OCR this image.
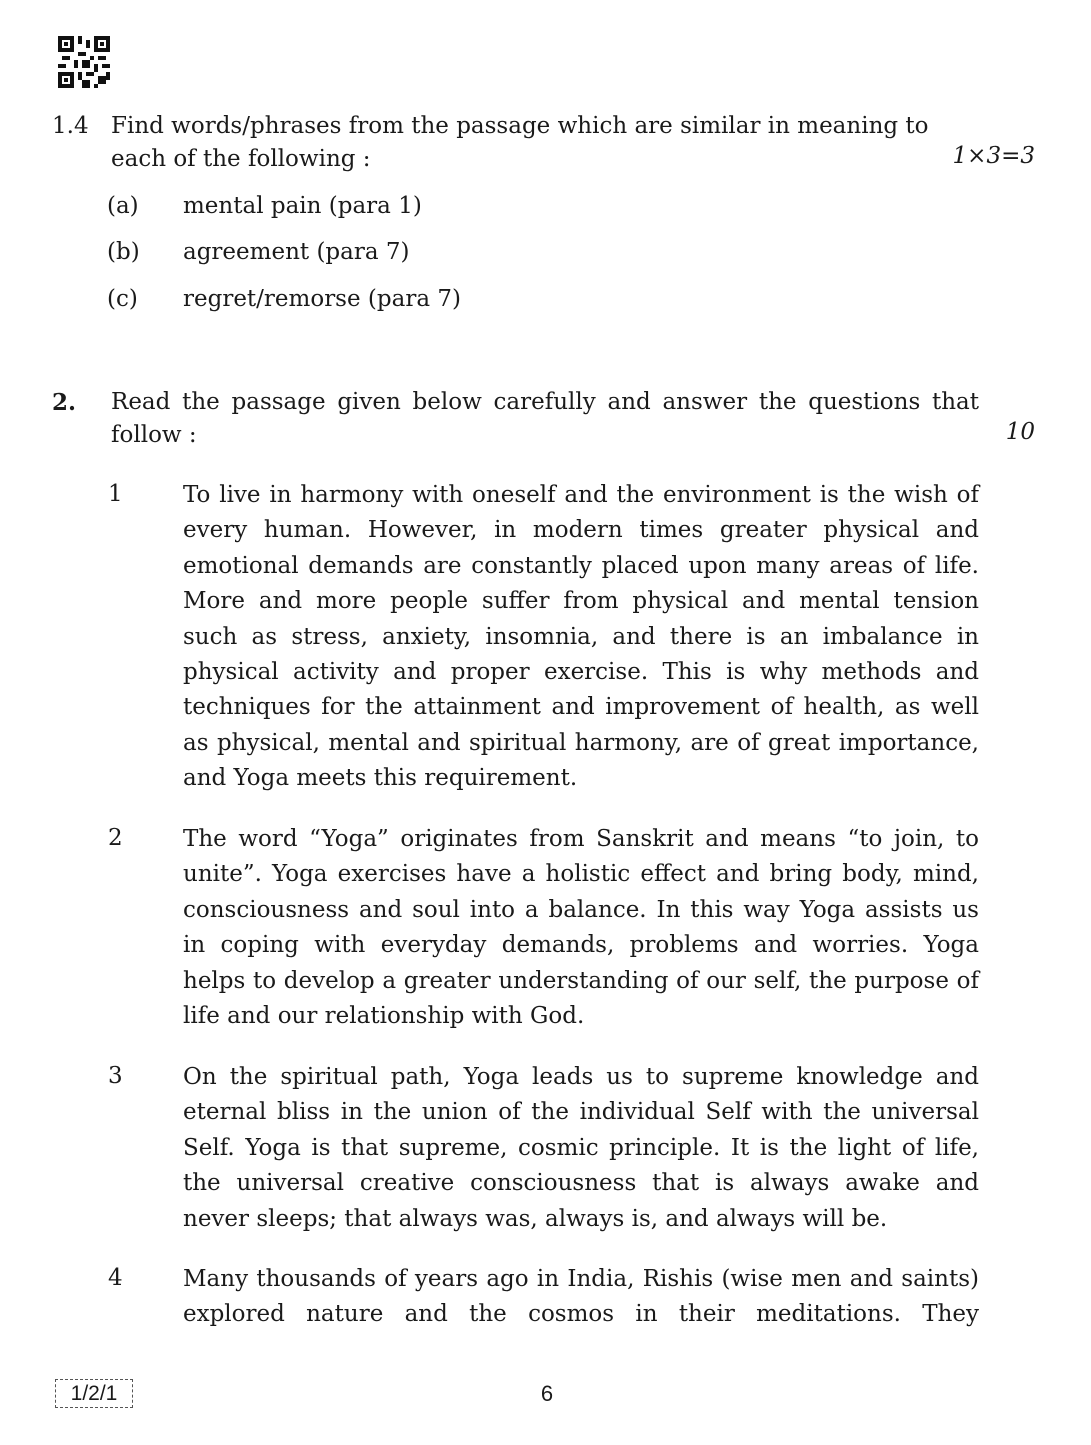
1.4 Find words/phrases from the passage which are similar in meaning to each of the following :	1×3=3
(a) mental pain (para 1)
(b) agreement (para 7)
(c) regret/remorse (para 7)
2.	Read the passage given below carefully and answer the questions that follow :	10
1	To live in harmony with oneself and the environment is the wish of every human. However, in modern times greater physical and emotional demands are constantly placed upon many areas of life. More and more people suffer from physical and mental tension such as stress, anxiety, insomnia, and there is an imbalance in physical activity and proper exercise. This is why methods and techniques for the attainment and improvement of health, as well as physical, mental and spiritual harmony, are of great importance, and Yoga meets this requirement.
2	The word “Yoga” originates from Sanskrit and means “to join, to unite”. Yoga exercises have a holistic effect and bring body, mind, consciousness and soul into a balance. In this way Yoga assists us in coping with everyday demands, problems and worries. Yoga helps to develop a greater understanding of our self, the purpose of life and our relationship with God.
3	On the spiritual path, Yoga leads us to supreme knowledge and eternal bliss in the union of the individual Self with the universal Self. Yoga is that supreme, cosmic principle. It is the light of life, the universal creative consciousness that is always awake and never sleeps; that always was, always is, and always will be.
4	Many thousands of years ago in India, Rishis (wise men and saints) explored nature and the cosmos in their meditations. They
1/2/1	6
